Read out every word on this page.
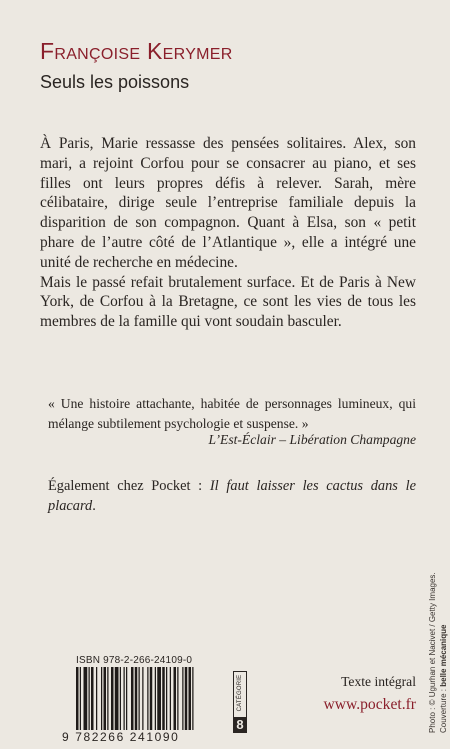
Françoise Kerymer
Seuls les poissons

À Paris, Marie ressasse des pensées solitaires. Alex, son mari, a rejoint Corfou pour se consacrer au piano, et ses filles ont leurs propres défis à relever. Sarah, mère célibataire, dirige seule l’entreprise familiale depuis la disparition de son compagnon. Quant à Elsa, son « petit phare de l’autre côté de l’Atlantique », elle a intégré une unité de recherche en médecine.

Mais le passé refait brutalement surface. Et de Paris à New York, de Corfou à la Bretagne, ce sont les vies de tous les membres de la famille qui vont soudain basculer.

« Une histoire attachante, habitée de personnages lumineux, qui mélange subtilement psychologie et suspense. »

L’Est-Éclair – Libération Champagne

Également chez Pocket : Il faut laisser les cactus dans le placard.

ISBN 978-2-266-24109-0
9 782266 241090
CATÉGORIE
8
Texte intégral
www.pocket.fr Photo : © Ugurhan et Nacivet / Getty Images. Couverture : belle mécanique
